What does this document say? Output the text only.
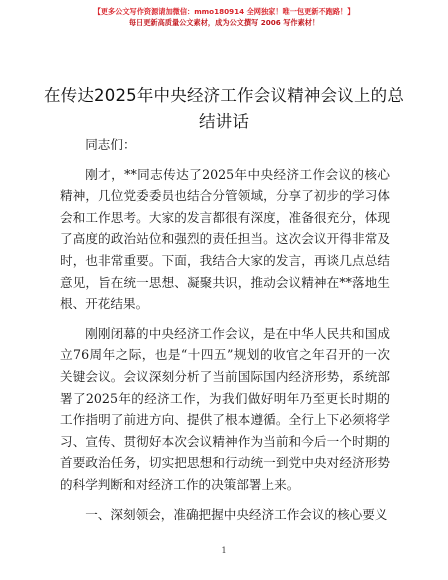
【更多公文写作资源请加微信：mmo180914 全网独家！唯一包更新不跑路！】
每日更新高质量公文素材，成为公文撰写 2006 写作素材！
在传达2025年中央经济工作会议精神会议上的总结讲话

同志们：

刚才，**同志传达了2025年中央经济工作会议的核心精神，几位党委委员也结合分管领域，分享了初步的学习体会和工作思考。大家的发言都很有深度，准备很充分，体现了高度的政治站位和强烈的责任担当。这次会议开得非常及时，也非常重要。下面，我结合大家的发言，再谈几点总结意见，旨在统一思想、凝聚共识，推动会议精神在**落地生根、开花结果。

刚刚闭幕的中央经济工作会议，是在中华人民共和国成立76周年之际，也是“十四五”规划的收官之年召开的一次关键会议。会议深刻分析了当前国际国内经济形势，系统部署了2025年的经济工作，为我们做好明年乃至更长时期的工作指明了前进方向、提供了根本遵循。全行上下必须将学习、宣传、贯彻好本次会议精神作为当前和今后一个时期的首要政治任务，切实把思想和行动统一到党中央对经济形势的科学判断和对经济工作的决策部署上来。

一、深刻领会，准确把握中央经济工作会议的核心要义

1
